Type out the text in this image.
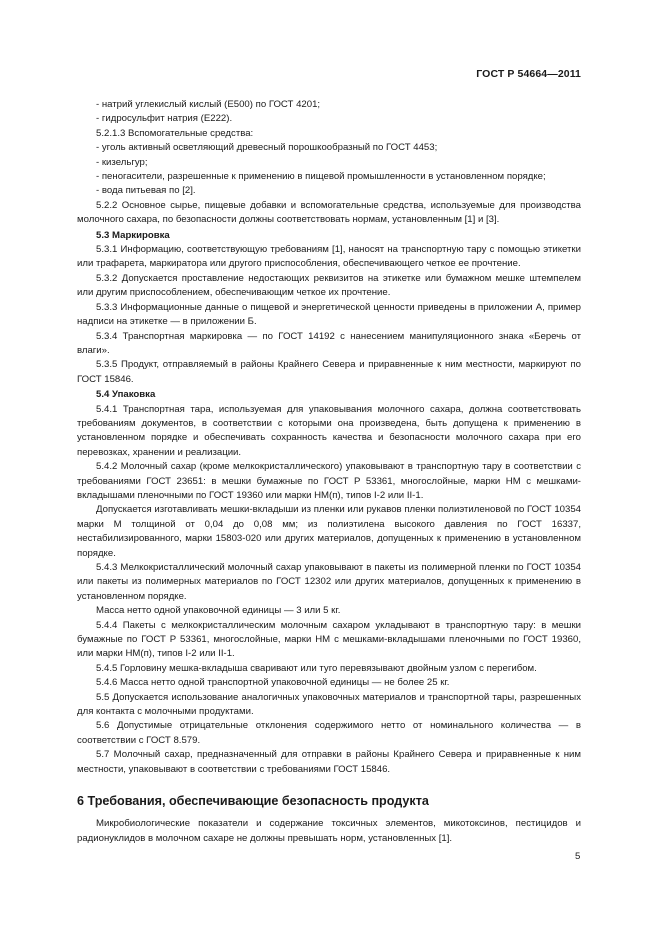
ГОСТ Р 54664—2011
- натрий углекислый кислый (Е500) по ГОСТ 4201;
- гидросульфит натрия (Е222).
5.2.1.3 Вспомогательные средства:
- уголь активный осветляющий древесный порошкообразный по ГОСТ 4453;
- кизельгур;
- пеногасители, разрешенные к применению в пищевой промышленности в установленном порядке;
- вода питьевая по [2].
5.2.2 Основное сырье, пищевые добавки и вспомогательные средства, используемые для производства молочного сахара, по безопасности должны соответствовать нормам, установленным [1] и [3].
5.3 Маркировка
5.3.1 Информацию, соответствующую требованиям [1], наносят на транспортную тару с помощью этикетки или трафарета, маркиратора или другого приспособления, обеспечивающего четкое ее прочтение.
5.3.2 Допускается проставление недостающих реквизитов на этикетке или бумажном мешке штемпелем или другим приспособлением, обеспечивающим четкое их прочтение.
5.3.3 Информационные данные о пищевой и энергетической ценности приведены в приложении А, пример надписи на этикетке — в приложении Б.
5.3.4 Транспортная маркировка — по ГОСТ 14192 с нанесением манипуляционного знака «Беречь от влаги».
5.3.5 Продукт, отправляемый в районы Крайнего Севера и приравненные к ним местности, маркируют по ГОСТ 15846.
5.4 Упаковка
5.4.1 Транспортная тара, используемая для упаковывания молочного сахара, должна соответствовать требованиям документов, в соответствии с которыми она произведена, быть допущена к применению в установленном порядке и обеспечивать сохранность качества и безопасности молочного сахара при его перевозках, хранении и реализации.
5.4.2 Молочный сахар (кроме мелкокристаллического) упаковывают в транспортную тару в соответствии с требованиями ГОСТ 23651: в мешки бумажные по ГОСТ Р 53361, многослойные, марки НМ с мешками-вкладышами пленочными по ГОСТ 19360 или марки НМ(п), типов I-2 или II-1.
Допускается изготавливать мешки-вкладыши из пленки или рукавов пленки полиэтиленовой по ГОСТ 10354 марки М толщиной от 0,04 до 0,08 мм; из полиэтилена высокого давления по ГОСТ 16337, нестабилизированного, марки 15803-020 или других материалов, допущенных к применению в установленном порядке.
5.4.3 Мелкокристаллический молочный сахар упаковывают в пакеты из полимерной пленки по ГОСТ 10354 или пакеты из полимерных материалов по ГОСТ 12302 или других материалов, допущенных к применению в установленном порядке.
Масса нетто одной упаковочной единицы — 3 или 5 кг.
5.4.4 Пакеты с мелкокристаллическим молочным сахаром укладывают в транспортную тару: в мешки бумажные по ГОСТ Р 53361, многослойные, марки НМ с мешками-вкладышами пленочными по ГОСТ 19360, или марки НМ(п), типов I-2 или II-1.
5.4.5 Горловину мешка-вкладыша сваривают или туго перевязывают двойным узлом с перегибом.
5.4.6 Масса нетто одной транспортной упаковочной единицы — не более 25 кг.
5.5 Допускается использование аналогичных упаковочных материалов и транспортной тары, разрешенных для контакта с молочными продуктами.
5.6 Допустимые отрицательные отклонения содержимого нетто от номинального количества — в соответствии с ГОСТ 8.579.
5.7 Молочный сахар, предназначенный для отправки в районы Крайнего Севера и приравненные к ним местности, упаковывают в соответствии с требованиями ГОСТ 15846.
6 Требования, обеспечивающие безопасность продукта
Микробиологические показатели и содержание токсичных элементов, микотоксинов, пестицидов и радионуклидов в молочном сахаре не должны превышать норм, установленных [1].
5
